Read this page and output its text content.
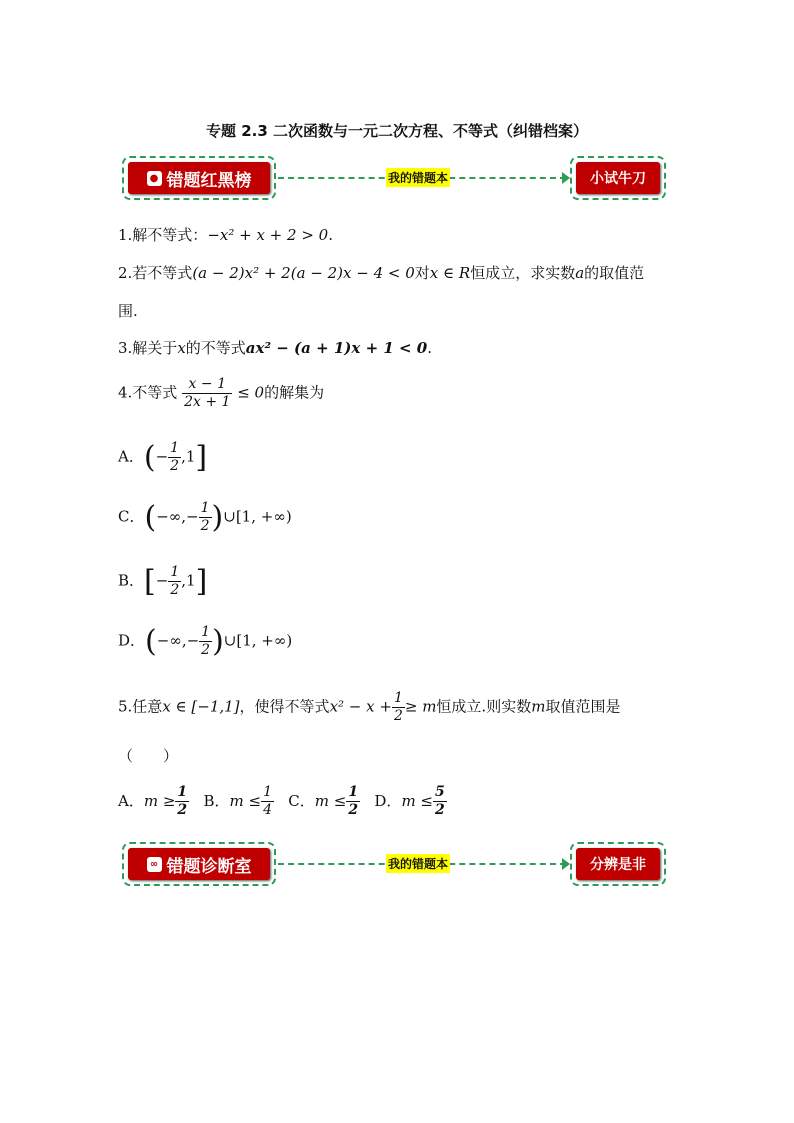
专题 2.3 二次函数与一元二次方程、不等式（纠错档案）
● 错题红黑榜	我的错题本	小试牛刀
1.解不等式：−x² + x + 2 > 0.
2.若不等式(a − 2)x² + 2(a − 2)x − 4 < 0对x ∈ R恒成立，求实数a的取值范
围.
3.解关于x的不等式ax² − (a + 1)x + 1 < 0.
4.不等式 $\frac{x - 1}{2x + 1} \le 0$的解集为
A．(− $\frac{1}{2} ,1$]
C．(−∞,− $\frac{1}{2}$ )∪[1, +∞)
B．[− $\frac{1}{2} ,1$]
D．(−∞,− $\frac{1}{2}$ )∪[1, +∞)
5.任意x ∈ [−1,1]，使得不等式$x^2 - x + \frac{1}{2} \ge m$恒成立.则实数m取值范围是
（　　）
A．$m \ge \frac{1}{2}$ B．$m \le \frac{1}{4}$ C．$m \le \frac{1}{2}$ D．$m \le \frac{5}{2}$
∞ 错题诊断室	我的错题本	分辨是非
